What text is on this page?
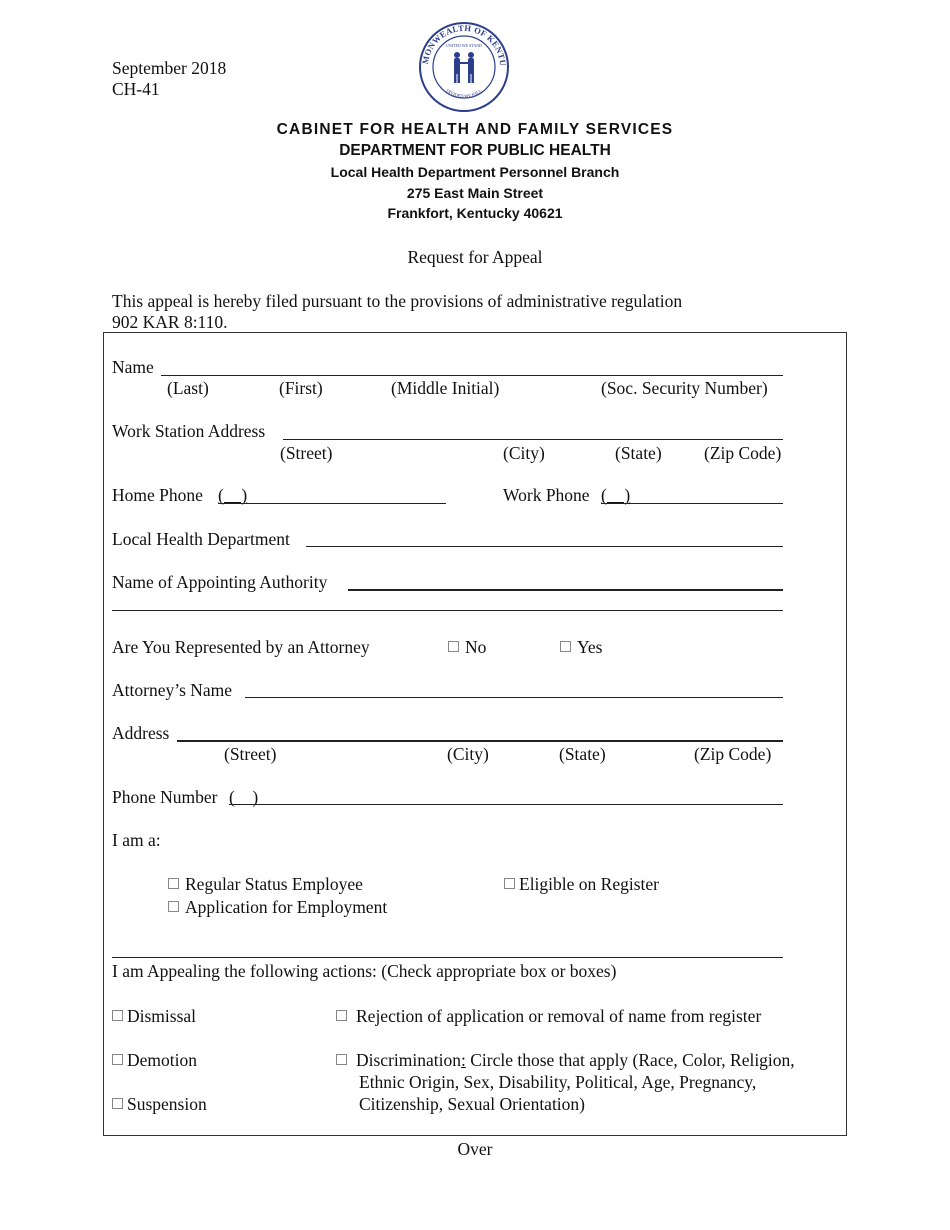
September 2018
CH-41
MONWEALTH OF KENTU
UNITED WE STAND
DIVIDED WE FALL
CABINET FOR HEALTH AND FAMILY SERVICES
DEPARTMENT FOR PUBLIC HEALTH
Local Health Department Personnel Branch
275 East Main Street
Frankfort, Kentucky 40621
Request for Appeal
This appeal is hereby filed pursuant to the provisions of administrative regulation
902 KAR 8:110.
Name
(Last)	(First)	(Middle Initial)	(Soc. Security Number)
Work Station Address
(Street)	(City)	(State) (Zip Code)
Home Phone (    )	Work Phone (    )
Local Health Department
Name of Appointing Authority
Are You Represented by an Attorney	No	Yes
Attorney’s Name
Address
(Street)	(City)	(State)	(Zip Code)
Phone Number (    )
I am a:
Regular Status Employee	Eligible on Register
Application for Employment
I am Appealing the following actions: (Check appropriate box or boxes)
Dismissal	Rejection of application or removal of name from register
Demotion	Discrimination: Circle those that apply (Race, Color, Religion,
Ethnic Origin, Sex, Disability, Political, Age, Pregnancy,
Suspension	Citizenship, Sexual Orientation)
Over
